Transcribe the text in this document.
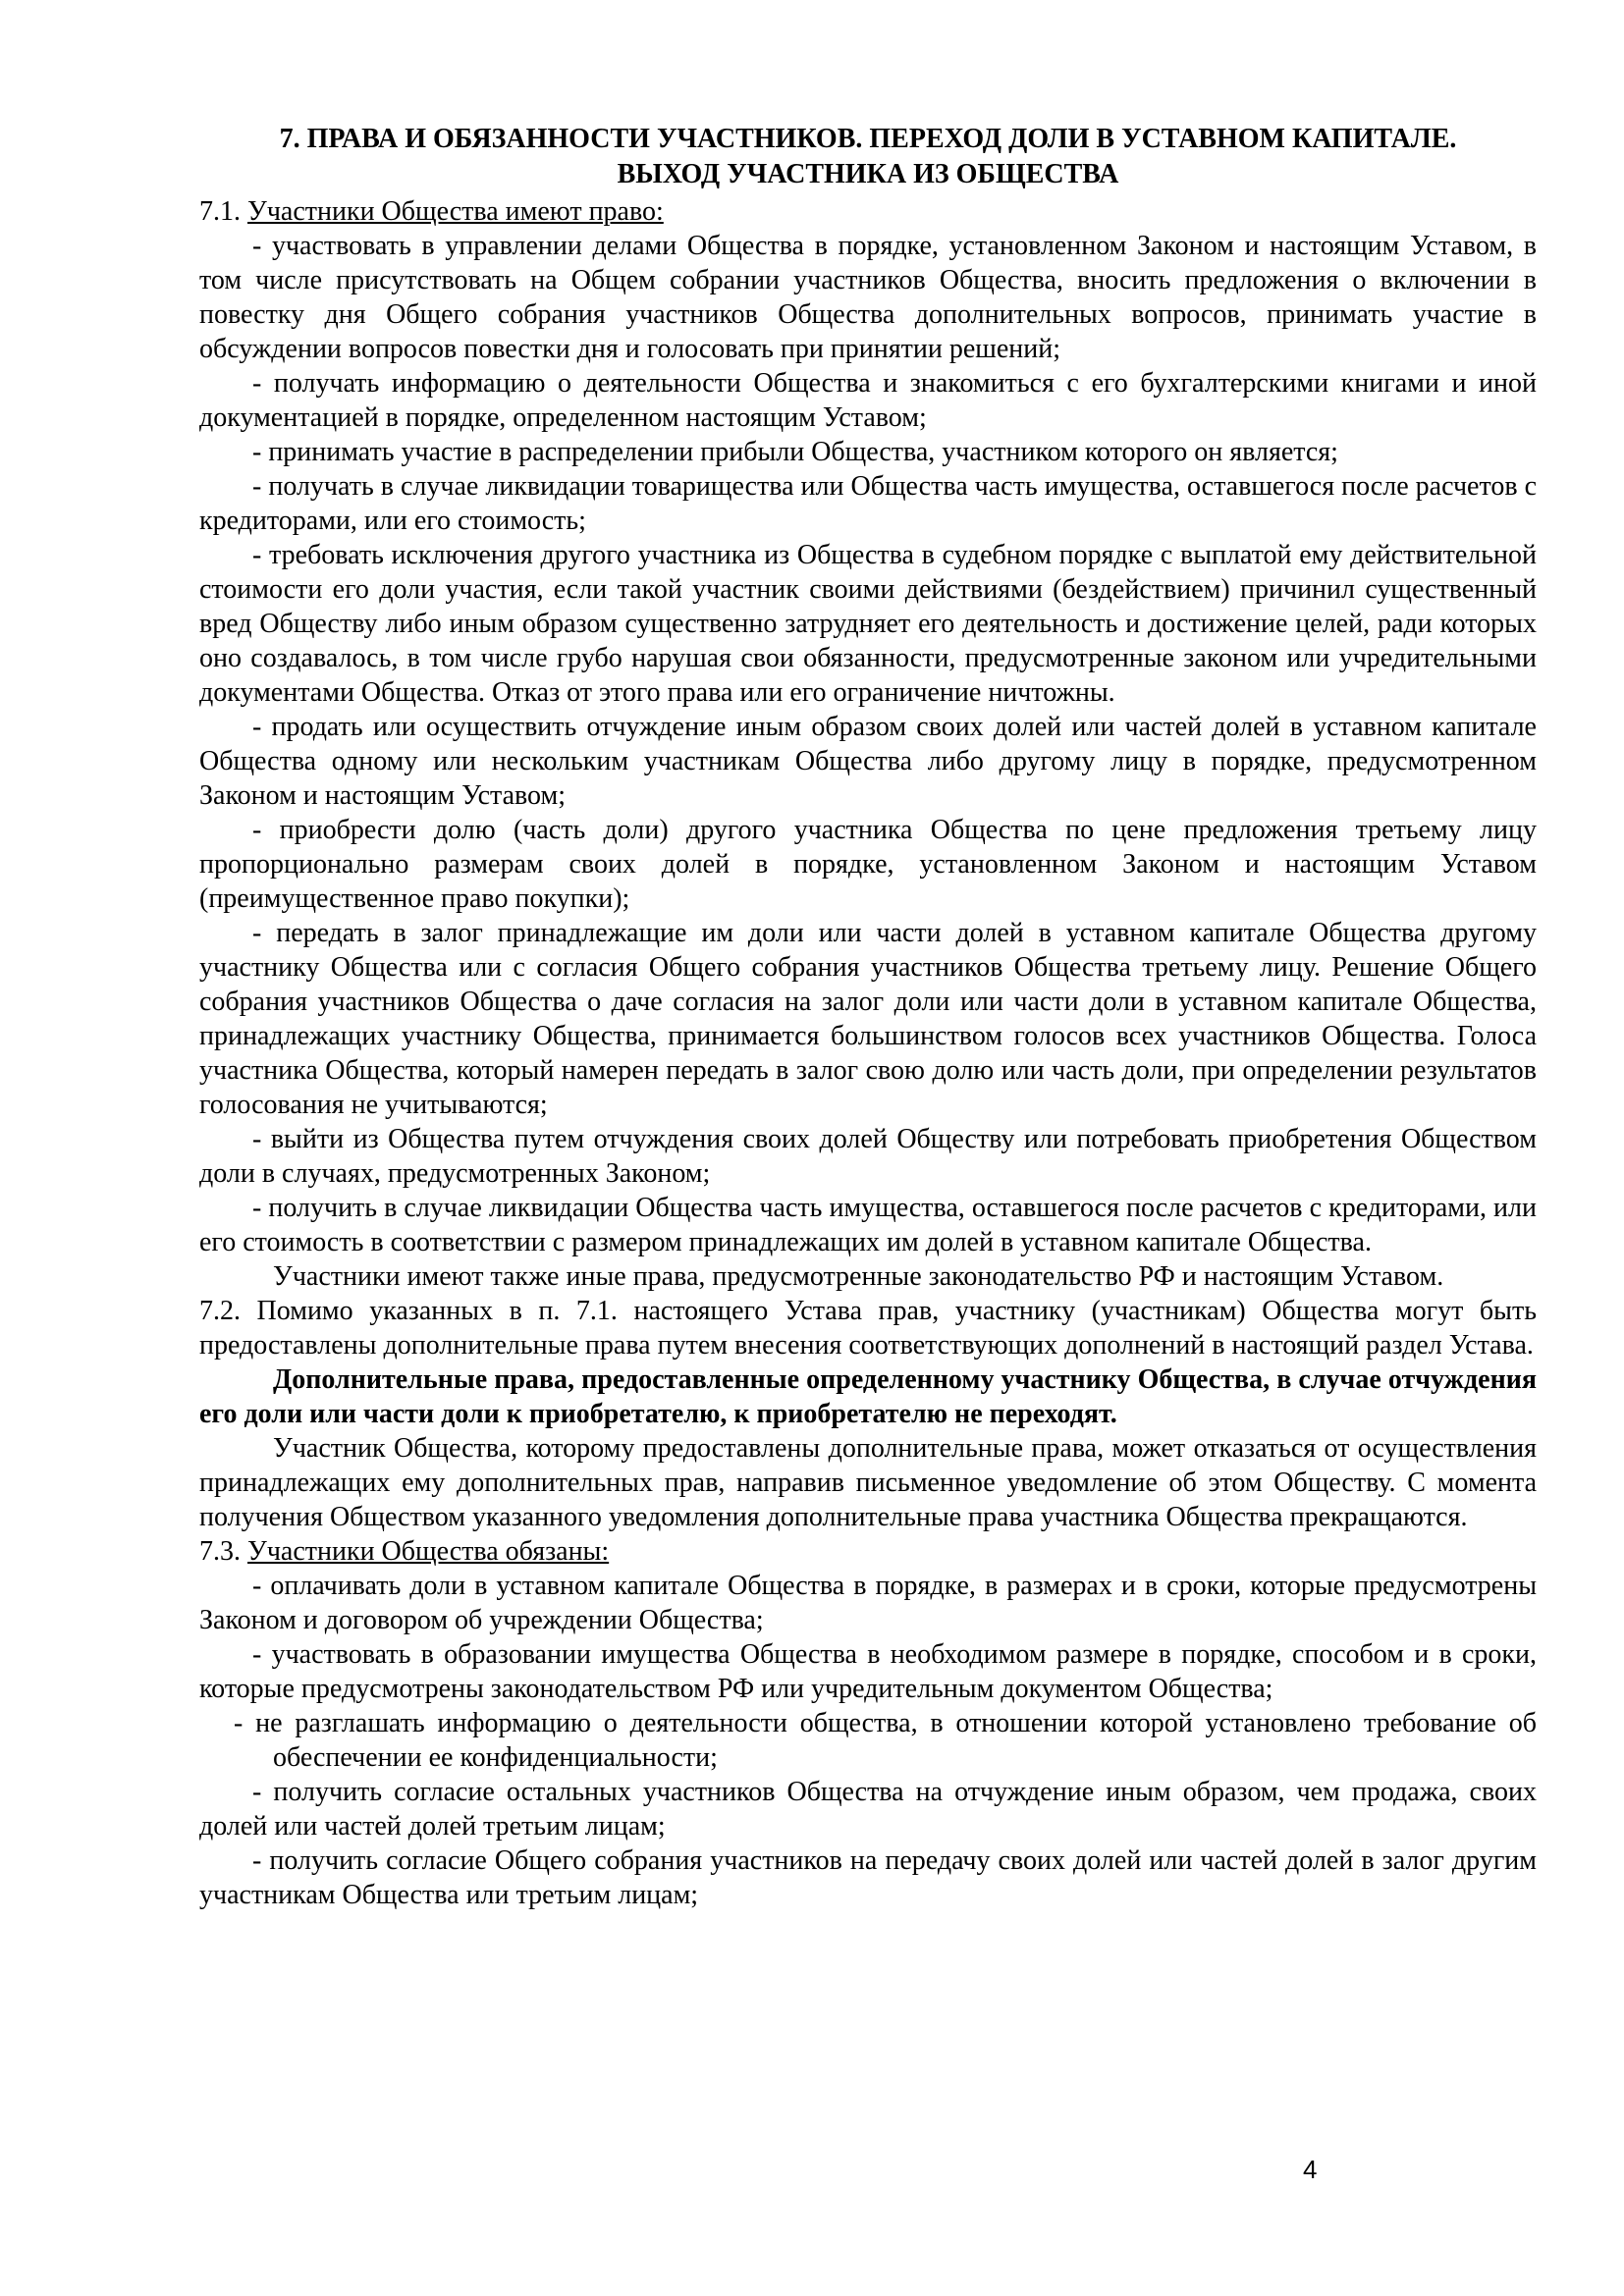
7. ПРАВА И ОБЯЗАННОСТИ УЧАСТНИКОВ. ПЕРЕХОД ДОЛИ В УСТАВНОМ КАПИТАЛЕ.
ВЫХОД УЧАСТНИКА ИЗ ОБЩЕСТВА

7.1. Участники Общества имеют право:

- участвовать в управлении делами Общества в порядке, установленном Законом и настоящим Уставом, в том числе присутствовать на Общем собрании участников Общества, вносить предложения о включении в повестку дня Общего собрания участников Общества дополнительных вопросов, принимать участие в обсуждении вопросов повестки дня и голосовать при принятии решений;

- получать информацию о деятельности Общества и знакомиться с его бухгалтерскими книгами и иной документацией в порядке, определенном настоящим Уставом;

- принимать участие в распределении прибыли Общества, участником которого он является;

- получать в случае ликвидации товарищества или Общества часть имущества, оставшегося после расчетов с кредиторами, или его стоимость;

- требовать исключения другого участника из Общества в судебном порядке с выплатой ему действительной стоимости его доли участия, если такой участник своими действиями (бездействием) причинил существенный вред Обществу либо иным образом существенно затрудняет его деятельность и достижение целей, ради которых оно создавалось, в том числе грубо нарушая свои обязанности, предусмотренные законом или учредительными документами Общества. Отказ от этого права или его ограничение ничтожны.

- продать или осуществить отчуждение иным образом своих долей или частей долей в уставном капитале Общества одному или нескольким участникам Общества либо другому лицу в порядке, предусмотренном Законом и настоящим Уставом;

- приобрести долю (часть доли) другого участника Общества по цене предложения третьему лицу пропорционально размерам своих долей в порядке, установленном Законом и настоящим Уставом (преимущественное право покупки);

- передать в залог принадлежащие им доли или части долей в уставном капитале Общества другому участнику Общества или с согласия Общего собрания участников Общества третьему лицу. Решение Общего собрания участников Общества о даче согласия на залог доли или части доли в уставном капитале Общества, принадлежащих участнику Общества, принимается большинством голосов всех участников Общества. Голоса участника Общества, который намерен передать в залог свою долю или часть доли, при определении результатов голосования не учитываются;

- выйти из Общества путем отчуждения своих долей Обществу или потребовать приобретения Обществом доли в случаях, предусмотренных Законом;

- получить в случае ликвидации Общества часть имущества, оставшегося после расчетов с кредиторами, или его стоимость в соответствии с размером принадлежащих им долей в уставном капитале Общества.

Участники имеют также иные права, предусмотренные законодательство РФ и настоящим Уставом.

7.2. Помимо указанных в п. 7.1. настоящего Устава прав, участнику (участникам) Общества могут быть предоставлены дополнительные права путем внесения соответствующих дополнений в настоящий раздел Устава.

Дополнительные права, предоставленные определенному участнику Общества, в случае отчуждения его доли или части доли к приобретателю, к приобретателю не переходят.

Участник Общества, которому предоставлены дополнительные права, может отказаться от осуществления принадлежащих ему дополнительных прав, направив письменное уведомление об этом Обществу. С момента получения Обществом указанного уведомления дополнительные права участника Общества прекращаются.

7.3. Участники Общества обязаны:

- оплачивать доли в уставном капитале Общества в порядке, в размерах и в сроки, которые предусмотрены Законом и договором об учреждении Общества;

- участвовать в образовании имущества Общества в необходимом размере в порядке, способом и в сроки, которые предусмотрены законодательством РФ или учредительным документом Общества;

- не разглашать информацию о деятельности общества, в отношении которой установлено требование об обеспечении ее конфиденциальности;

- получить согласие остальных участников Общества на отчуждение иным образом, чем продажа, своих долей или частей долей третьим лицам;

- получить согласие Общего собрания участников на передачу своих долей или частей долей в залог другим участникам Общества или третьим лицам;

4
